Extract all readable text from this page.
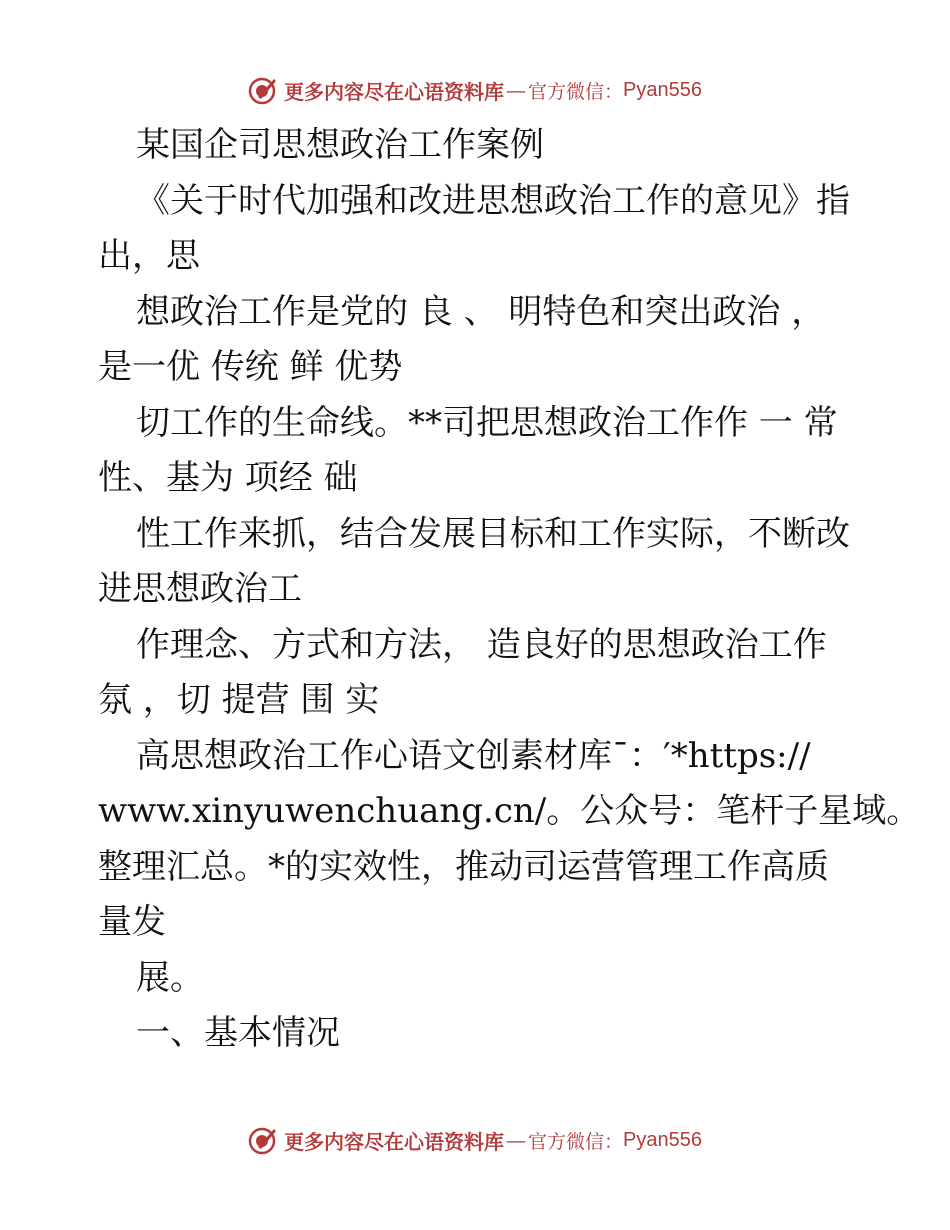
更多内容尽在心语资料库 — 官方微信： Pyan556
某国企司思想政治工作案例
《关于时代加强和改进思想政治工作的意见》指
出，思
想政治工作是党的 良 、 明特色和突出政治 ，
是一优 传统 鲜 优势
切工作的生命线。**司把思想政治工作作 一 常
性、基为 项经 础
性工作来抓，结合发展目标和工作实际，不断改
进思想政治工
作理念、方式和方法， 造良好的思想政治工作
氛 ，切 提营 围 实
高思想政治工作心语文创素材库¯：′*https://
www.xinyuwenchuang.cn/。公众号：笔杆子星域。
整理汇总。*的实效性，推动司运营管理工作高质
量发
展。
一、基本情况
更多内容尽在心语资料库 — 官方微信： Pyan556
